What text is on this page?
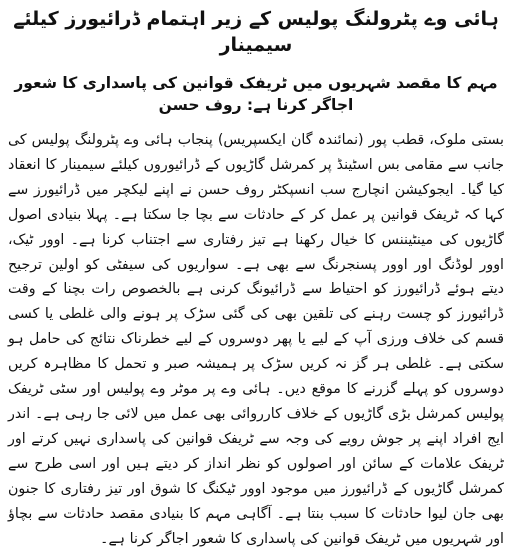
ہائی وے پٹرولنگ پولیس کے زیر اہتمام ڈرائیورز کیلئے سیمینار
مہم کا مقصد شہریوں میں ٹریفک قوانین کی پاسداری کا شعور اجاگر کرنا ہے: روف حسن

بستی ملوک، قطب پور (نمائندہ گان ایکسپریس) پنجاب ہائی وے پٹرولنگ پولیس کی جانب سے مقامی بس اسٹینڈ پر کمرشل گاڑیوں کے ڈرائیوروں کیلئے سیمینار کا انعقاد کیا گیا۔ ایجوکیشن انچارج سب انسپکٹر روف حسن نے اپنے لیکچر میں ڈرائیورز سے کہا کہ ٹریفک قوانین پر عمل کر کے حادثات سے بچا جا سکتا ہے۔ پہلا بنیادی اصول گاڑیوں کی مینٹیننس کا خیال رکھنا ہے تیز رفتاری سے اجتناب کرنا ہے۔ اوور ٹیک، اوور لوڈنگ اور اوور پسنجرنگ سے بھی ہے۔ سواریوں کی سیفٹی کو اولین ترجیح دیتے ہوئے ڈرائیورز کو احتیاط سے ڈرائیونگ کرنی ہے بالخصوص رات بچنا کے وقت ڈرائیورز کو چست رہنے کی تلقین بھی کی گئی سڑک پر ہونے والی غلطی یا کسی قسم کی خلاف ورزی آپ کے لیے یا پھر دوسروں کے لیے خطرناک نتائج کی حامل ہو سکتی ہے۔ غلطی ہر گز نہ کریں سڑک پر ہمیشہ صبر و تحمل کا مظاہرہ کریں دوسروں کو پہلے گزرنے کا موقع دیں۔ ہائی وے پر موٹر وے پولیس اور سٹی ٹریفک پولیس کمرشل بڑی گاڑیوں کے خلاف کارروائی بھی عمل میں لائی جا رہی ہے۔ اندر ایج افراد اپنے پر جوش رویے کی وجہ سے ٹریفک قوانین کی پاسداری نہیں کرتے اور ٹریفک علامات کے سائن اور اصولوں کو نظر انداز کر دیتے ہیں اور اسی طرح سے کمرشل گاڑیوں کے ڈرائیورز میں موجود اوور ٹیکنگ کا شوق اور تیز رفتاری کا جنون بھی جان لیوا حادثات کا سبب بنتا ہے۔ آگاہی مہم کا بنیادی مقصد حادثات سے بچاؤ اور شہریوں میں ٹریفک قوانین کی پاسداری کا شعور اجاگر کرنا ہے۔
